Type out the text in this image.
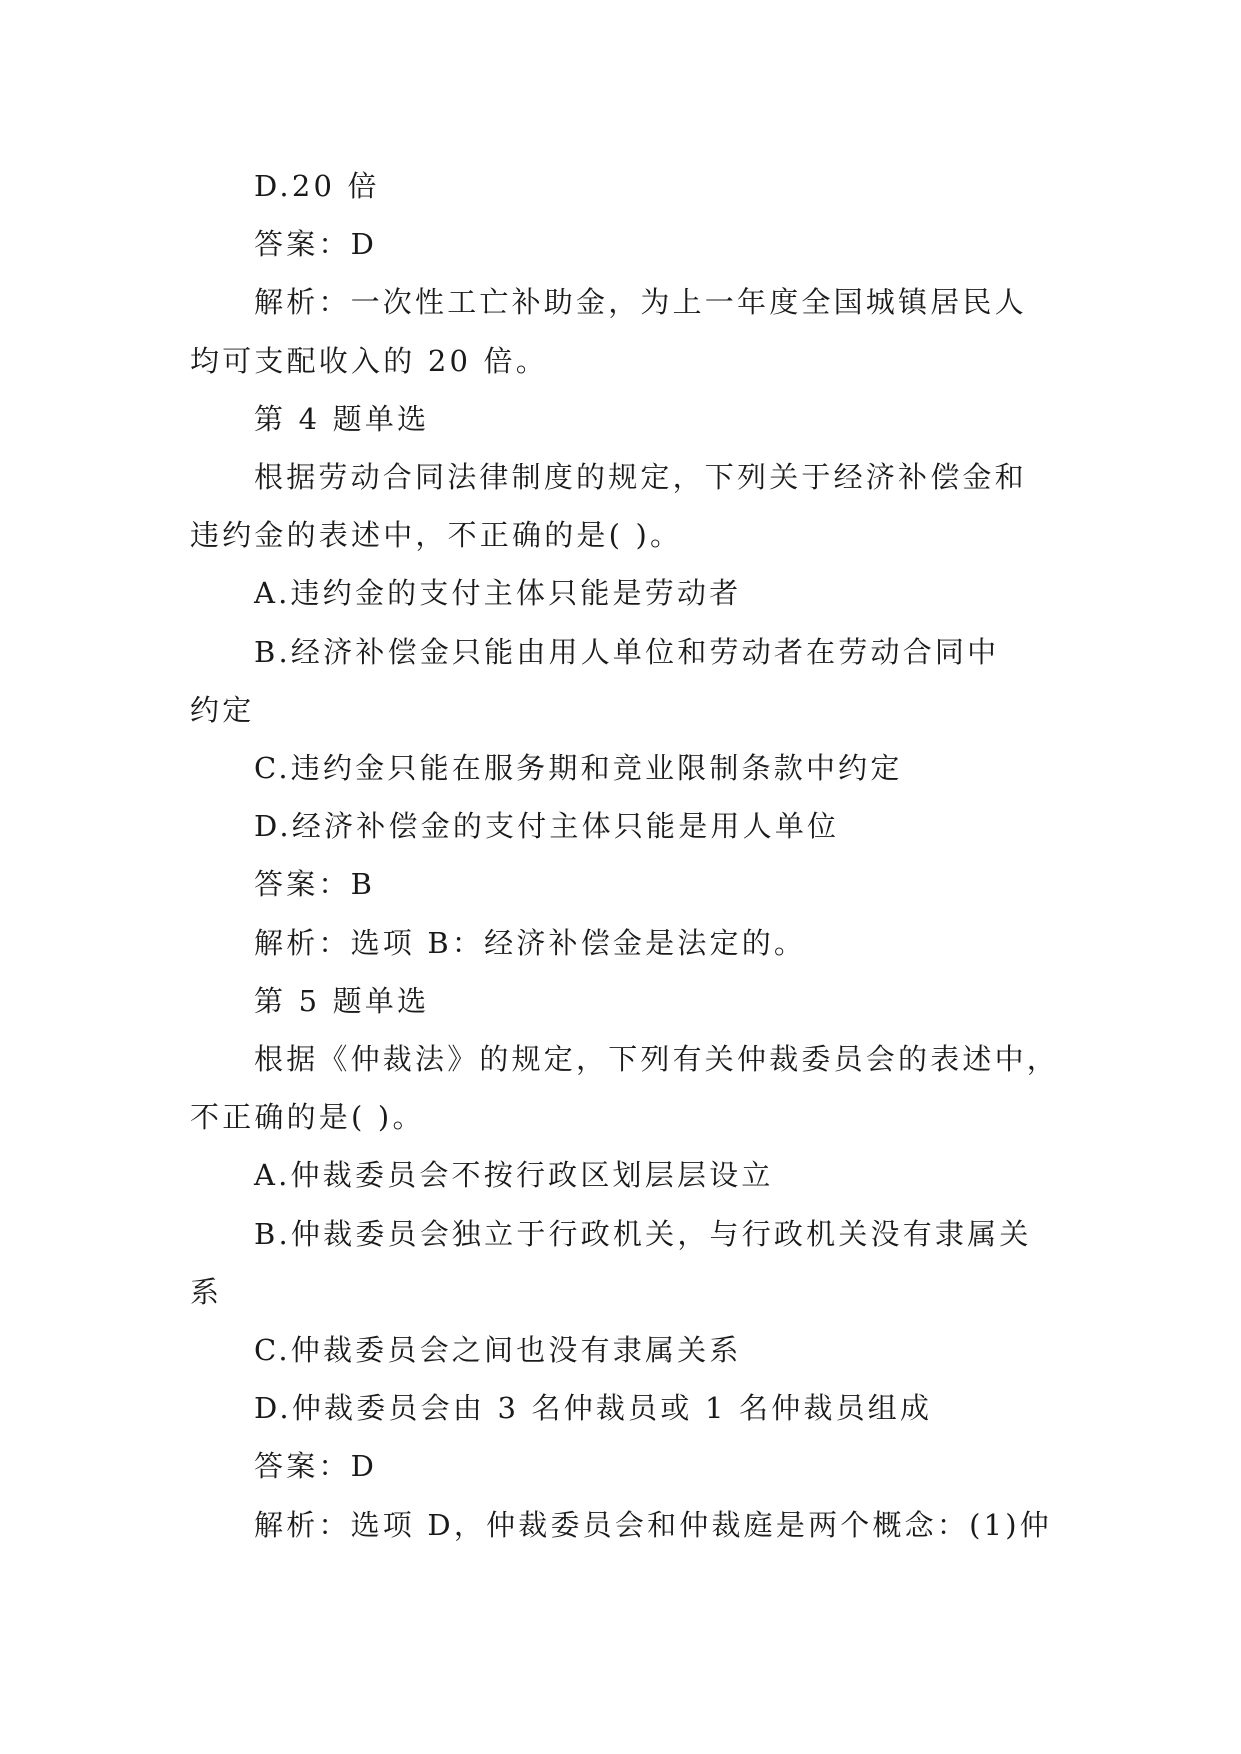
D.20 倍

答案：D

解析：一次性工亡补助金，为上一年度全国城镇居民人

均可支配收入的 20 倍。

第 4 题单选

根据劳动合同法律制度的规定，下列关于经济补偿金和

违约金的表述中，不正确的是( )。

A.违约金的支付主体只能是劳动者

B.经济补偿金只能由用人单位和劳动者在劳动合同中

约定

C.违约金只能在服务期和竞业限制条款中约定

D.经济补偿金的支付主体只能是用人单位

答案：B

解析：选项 B：经济补偿金是法定的。

第 5 题单选

根据《仲裁法》的规定，下列有关仲裁委员会的表述中，

不正确的是( )。

A.仲裁委员会不按行政区划层层设立

B.仲裁委员会独立于行政机关，与行政机关没有隶属关

系

C.仲裁委员会之间也没有隶属关系

D.仲裁委员会由 3 名仲裁员或 1 名仲裁员组成

答案：D

解析：选项 D，仲裁委员会和仲裁庭是两个概念：(1)仲
